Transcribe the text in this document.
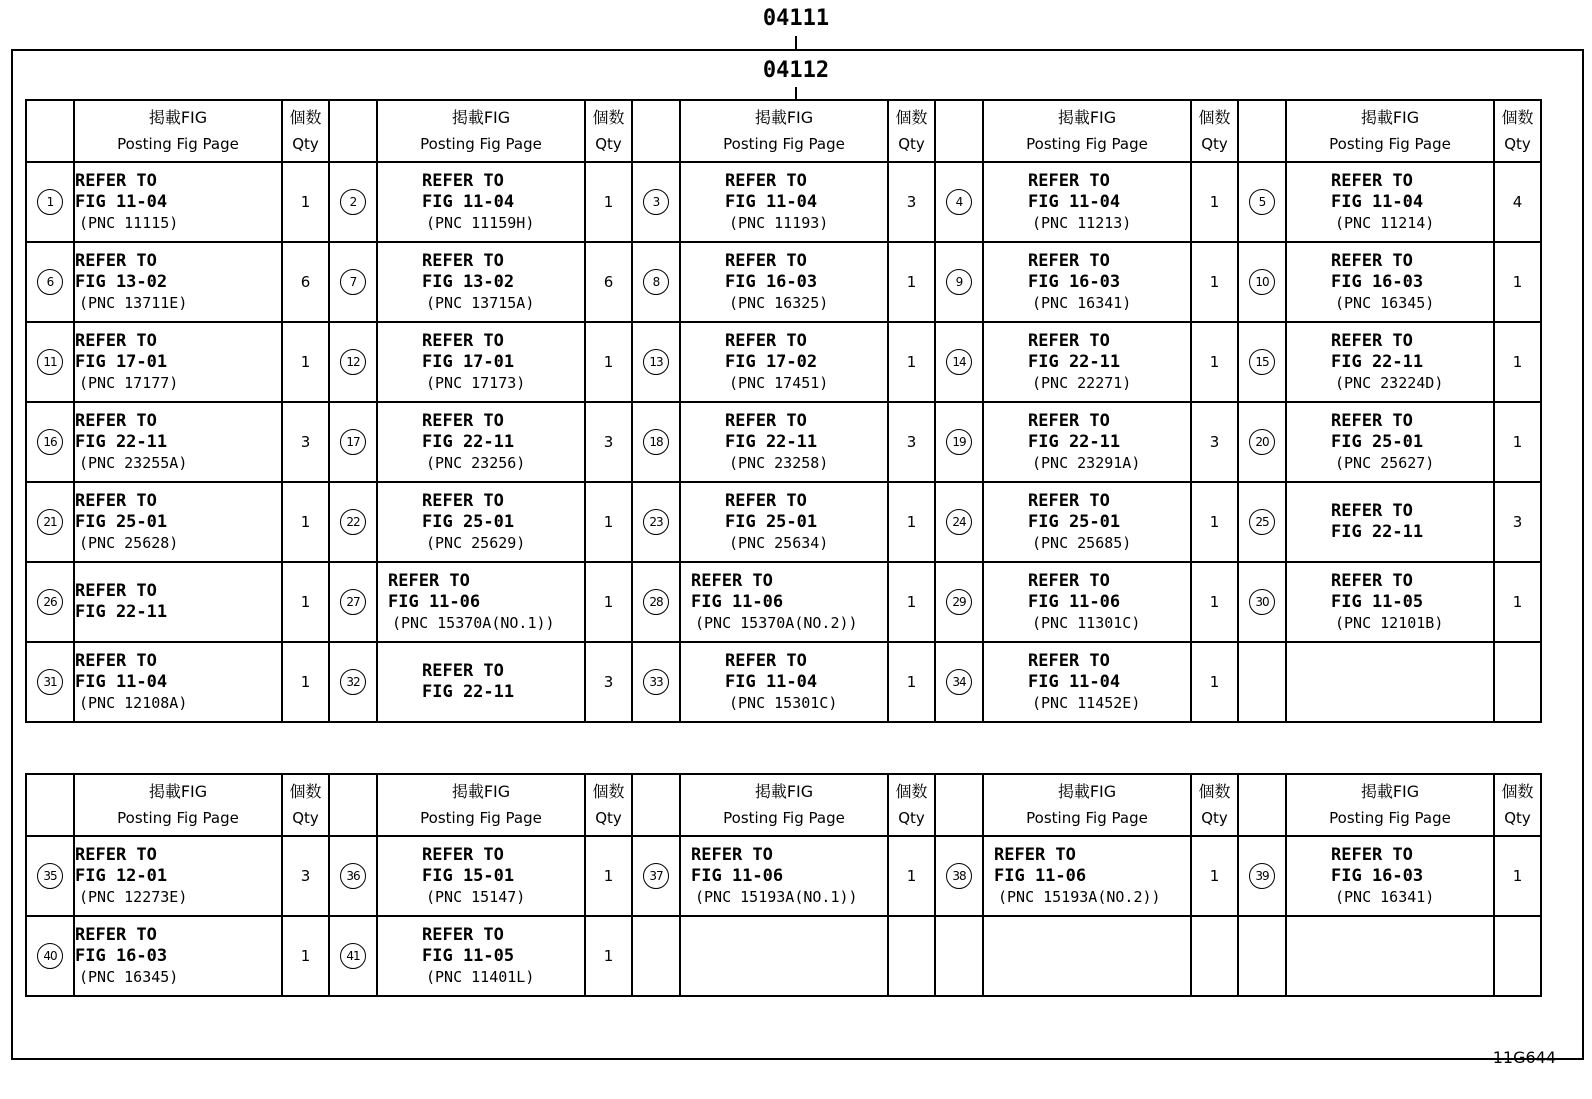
04111
04112

	掲載FIG
Posting Fig Page	個数
Qty		掲載FIG
Posting Fig Page	個数
Qty		掲載FIG
Posting Fig Page	個数
Qty		掲載FIG
Posting Fig Page	個数
Qty		掲載FIG
Posting Fig Page	個数
Qty

1	REFER TO
FIG 11-04
(PNC 11115)	1	2	REFER TO
FIG 11-04
(PNC 11159H)	1	3	REFER TO
FIG 11-04
(PNC 11193)	3	4	REFER TO
FIG 11-04
(PNC 11213)	1	5	REFER TO
FIG 11-04
(PNC 11214)	4
6	REFER TO
FIG 13-02
(PNC 13711E)	6	7	REFER TO
FIG 13-02
(PNC 13715A)	6	8	REFER TO
FIG 16-03
(PNC 16325)	1	9	REFER TO
FIG 16-03
(PNC 16341)	1	10	REFER TO
FIG 16-03
(PNC 16345)	1
11	REFER TO
FIG 17-01
(PNC 17177)	1	12	REFER TO
FIG 17-01
(PNC 17173)	1	13	REFER TO
FIG 17-02
(PNC 17451)	1	14	REFER TO
FIG 22-11
(PNC 22271)	1	15	REFER TO
FIG 22-11
(PNC 23224D)	1
16	REFER TO
FIG 22-11
(PNC 23255A)	3	17	REFER TO
FIG 22-11
(PNC 23256)	3	18	REFER TO
FIG 22-11
(PNC 23258)	3	19	REFER TO
FIG 22-11
(PNC 23291A)	3	20	REFER TO
FIG 25-01
(PNC 25627)	1
21	REFER TO
FIG 25-01
(PNC 25628)	1	22	REFER TO
FIG 25-01
(PNC 25629)	1	23	REFER TO
FIG 25-01
(PNC 25634)	1	24	REFER TO
FIG 25-01
(PNC 25685)	1	25	REFER TO
FIG 22-11	3
26	REFER TO
FIG 22-11	1	27	REFER TO
FIG 11-06
(PNC 15370A(NO.1))	1	28	REFER TO
FIG 11-06
(PNC 15370A(NO.2))	1	29	REFER TO
FIG 11-06
(PNC 11301C)	1	30	REFER TO
FIG 11-05
(PNC 12101B)	1
31	REFER TO
FIG 11-04
(PNC 12108A)	1	32	REFER TO
FIG 22-11	3	33	REFER TO
FIG 11-04
(PNC 15301C)	1	34	REFER TO
FIG 11-04
(PNC 11452E)	1			

	掲載FIG
Posting Fig Page	個数
Qty		掲載FIG
Posting Fig Page	個数
Qty		掲載FIG
Posting Fig Page	個数
Qty		掲載FIG
Posting Fig Page	個数
Qty		掲載FIG
Posting Fig Page	個数
Qty

35	REFER TO
FIG 12-01
(PNC 12273E)	3	36	REFER TO
FIG 15-01
(PNC 15147)	1	37	REFER TO
FIG 11-06
(PNC 15193A(NO.1))	1	38	REFER TO
FIG 11-06
(PNC 15193A(NO.2))	1	39	REFER TO
FIG 16-03
(PNC 16341)	1
40	REFER TO
FIG 16-03
(PNC 16345)	1	41	REFER TO
FIG 11-05
(PNC 11401L)	1									
11G644
